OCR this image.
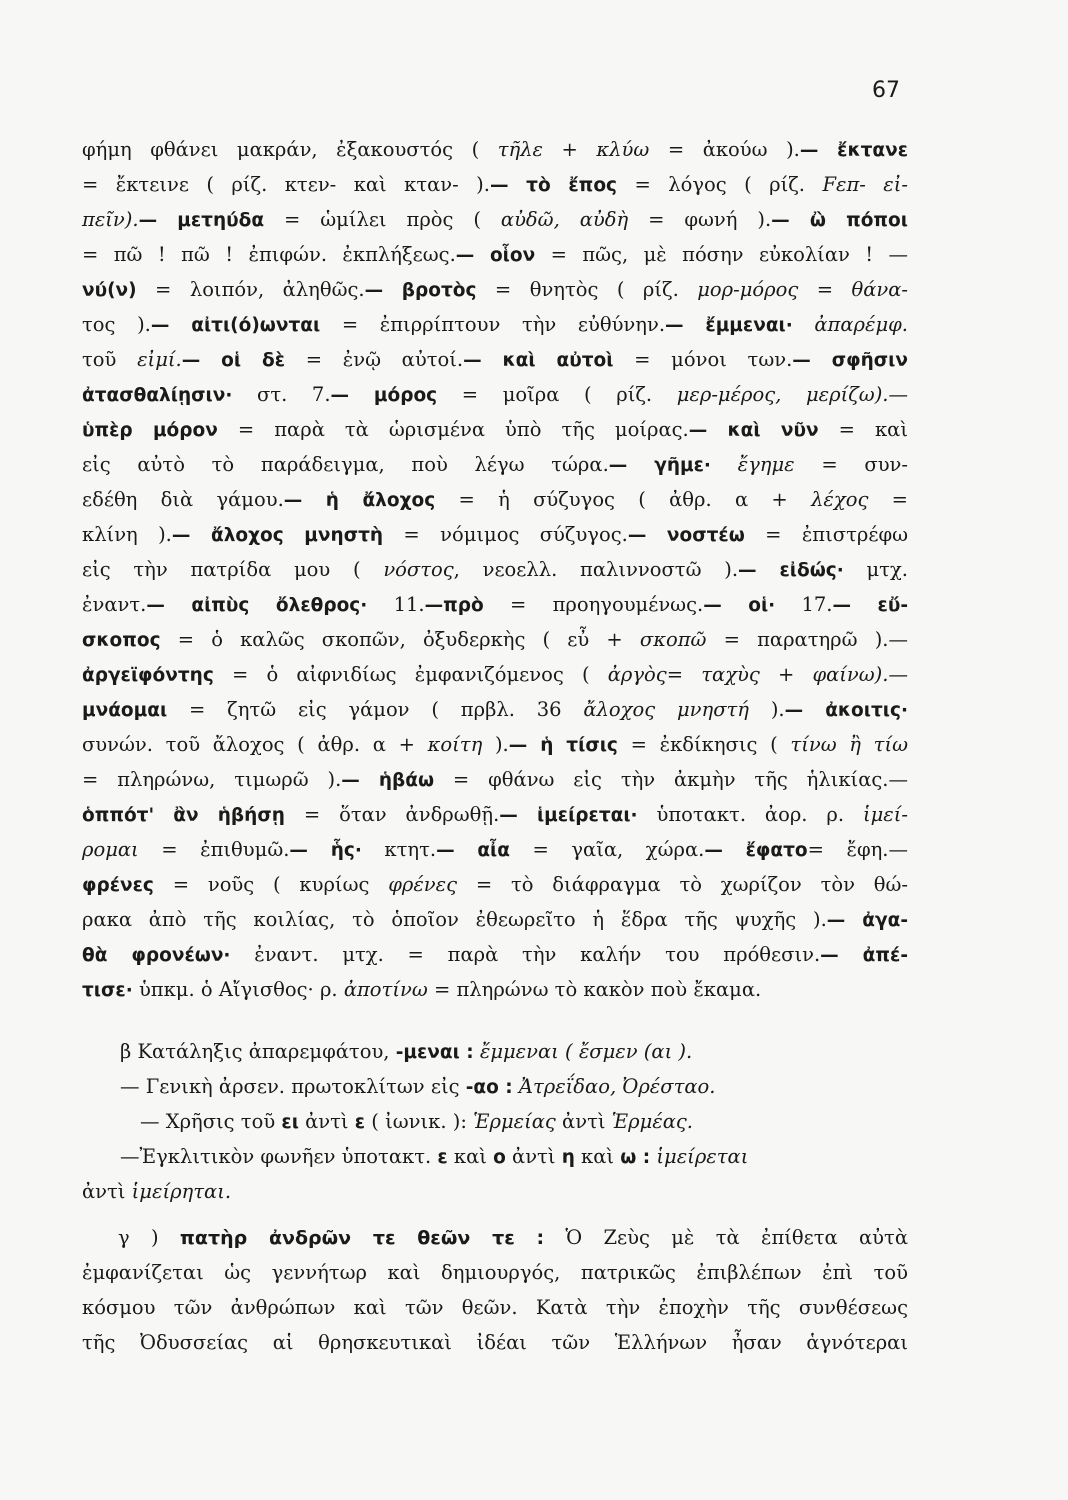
67
φήμη φθάνει μακράν, ἐξακουστός ( τῆλε + κλύω = ἀκούω ).— ἔκτανε
= ἔκτεινε ( ρίζ. κτεν- καὶ κταν- ).— τὸ ἔπος = λόγος ( ρίζ. Fεπ- εἰ-
πεῖν).— μετηύδα = ὡμίλει πρὸς ( αὐδῶ, αὐδὴ = φωνή ).— ὢ πόποι
= πῶ ! πῶ ! ἐπιφών. ἐκπλήξεως.— οἷον = πῶς, μὲ πόσην εὐκολίαν ! —
νύ(ν) = λοιπόν, ἀληθῶς.— βροτὸς = θνητὸς ( ρίζ. μορ-μόρος = θάνα-
τος ).— αἰτι(ό)ωνται = ἐπιρρίπτουν τὴν εὐθύνην.— ἔμμεναι· ἀπαρέμφ.
τοῦ εἰμί.— οἱ δὲ = ἐνῷ αὐτοί.— καὶ αὐτοὶ = μόνοι των.— σφῆσιν
ἀτασθαλίῃσιν· στ. 7.— μόρος = μοῖρα ( ρίζ. μερ-μέρος, μερίζω).—
ὑπὲρ μόρον = παρὰ τὰ ὡρισμένα ὑπὸ τῆς μοίρας.— καὶ νῦν = καὶ
εἰς αὐτὸ τὸ παράδειγμα, ποὺ λέγω τώρα.— γῆμε· ἔγημε = συν-
εδέθη διὰ γάμου.— ἡ ἄλοχος = ἡ σύζυγος ( ἀθρ. α + λέχος =
κλίνη ).— ἄλοχος μνηστὴ = νόμιμος σύζυγος.— νοστέω = ἐπιστρέφω
εἰς τὴν πατρίδα μου ( νόστος, νεοελλ. παλιννοστῶ ).— εἰδώς· μτχ.
ἐναντ.— αἰπὺς ὄλεθρος· 11.—πρὸ = προηγουμένως.— οἱ· 17.— εὔ-
σκοπος = ὁ καλῶς σκοπῶν, ὀξυδερκὴς ( εὖ + σκοπῶ = παρατηρῶ ).—
ἀργεϊφόντης = ὁ αἰφνιδίως ἐμφανιζόμενος ( ἀργὸς= ταχὺς + φαίνω).—
μνάομαι = ζητῶ εἰς γάμον ( πρβλ. 36 ἄλοχος μνηστή ).— ἀκοιτις·
συνών. τοῦ ἄλοχος ( ἀθρ. α + κοίτη ).— ἡ τίσις = ἐκδίκησις ( τίνω ἢ τίω
= πληρώνω, τιμωρῶ ).— ἡβάω = φθάνω εἰς τὴν ἀκμὴν τῆς ἡλικίας.—
ὁππότ' ἂν ἡβήσῃ = ὅταν ἀνδρωθῇ.— ἱμείρεται· ὑποτακτ. ἀορ. ρ. ἱμεί-
ρομαι = ἐπιθυμῶ.— ἧς· κτητ.— αἶα = γαῖα, χώρα.— ἔφατο= ἔφη.—
φρένες = νοῦς ( κυρίως φρένες = τὸ διάφραγμα τὸ χωρίζον τὸν θώ-
ρακα ἀπὸ τῆς κοιλίας, τὸ ὁποῖον ἐθεωρεῖτο ἡ ἕδρα τῆς ψυχῆς ).— ἀγα-
θὰ φρονέων· ἐναντ. μτχ. = παρὰ τὴν καλήν του πρόθεσιν.— ἀπέ-
τισε· ὑπκμ. ὁ Αἴγισθος· ρ. ἀποτίνω = πληρώνω τὸ κακὸν ποὺ ἔκαμα.
β Κατάληξις ἀπαρεμφάτου, -μεναι : ἔμμεναι ( ἔσμεν (αι ).
— Γενικὴ ἀρσεν. πρωτοκλίτων εἰς -αο : Ἀτρεΐδαο, Ὀρέσταο.
— Χρῆσις τοῦ ει ἀντὶ ε ( ἰωνικ. ): Ἑρμείας ἀντὶ Ἑρμέας.
—Ἐγκλιτικὸν φωνῆεν ὑποτακτ. ε καὶ ο ἀντὶ η καὶ ω : ἱμείρεται
ἀντὶ ἱμείρηται.
γ ) πατὴρ ἀνδρῶν τε θεῶν τε : Ὁ Ζεὺς μὲ τὰ ἐπίθετα αὐτὰ
ἐμφανίζεται ὡς γεννήτωρ καὶ δημιουργός, πατρικῶς ἐπιβλέπων ἐπὶ τοῦ
κόσμου τῶν ἀνθρώπων καὶ τῶν θεῶν. Κατὰ τὴν ἐποχὴν τῆς συνθέσεως
τῆς Ὀδυσσείας αἱ θρησκευτικαὶ ἰδέαι τῶν Ἑλλήνων ἦσαν ἁγνότεραι
